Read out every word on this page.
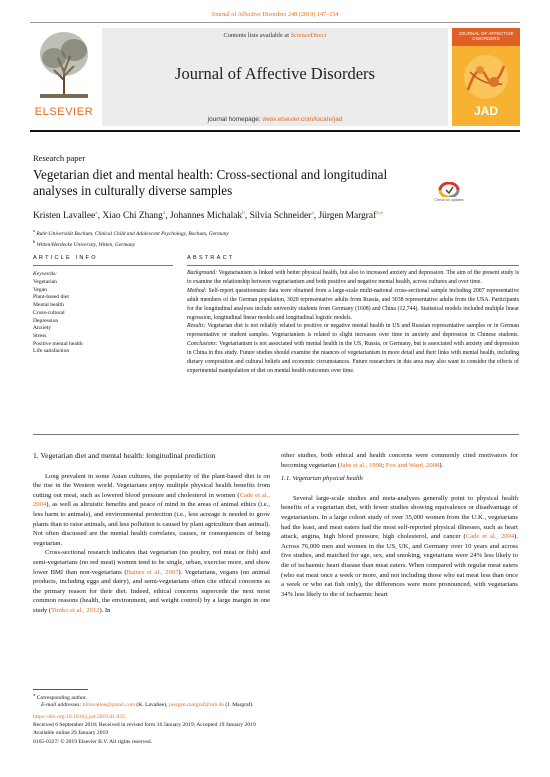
Journal of Affective Disorders 248 (2019) 147–154
ELSEVIER
Contents lists available at ScienceDirect
Journal of Affective Disorders
journal homepage: www.elsevier.com/locate/jad
JOURNAL OF AFFECTIVE DISORDERS
JAD
Research paper
Vegetarian diet and mental health: Cross-sectional and longitudinal analyses in culturally diverse samples
Check for updates
Kristen Lavallee$^a$, Xiao Chi Zhang$^a$, Johannes Michalak$^b$, Silvia Schneider$^a$, Jürgen Margraf$^{a,⁎}$
$^a$ Ruhr-Universität Bochum, Clinical Child and Adolescent Psychology, Bochum, Germany
$^b$ Witten/Herdecke University, Witten, Germany
ARTICLE INFO	ABSTRACT
Keywords:
Vegetarian
Vegan
Plant-based diet
Mental health
Cross-cultural
Depression
Anxiety
Stress
Positive mental health
Life satisfaction

Background: Vegetarianism is linked with better physical health, but also to increased anxiety and depression. The aim of the present study is to examine the relationship between vegetarianism and both positive and negative mental health, across cultures and over time.

Method: Self-report questionnaire data were obtained from a large-scale multi-national cross-sectional sample including 2007 representative adult members of the German population, 3020 representative adults from Russia, and 3038 representative adults from the USA. Participants for the longitudinal analyses include university students from Germany (1608) and China (12,744). Statistical models included multiple linear regression, longitudinal linear models and longitudinal logistic models.

Results: Vegetarian diet is not reliably related to positive or negative mental health in US and Russian representative samples or in German representative or student samples. Vegetarianism is related to slight increases over time in anxiety and depression in Chinese students. Conclusions: Vegetarianism is not associated with mental health in the US, Russia, or Germany, but is associated with anxiety and depression in China in this study. Future studies should examine the nuances of vegetarianism in more detail and their links with mental health, including dietary composition and cultural beliefs and economic circumstances. Future researchers in this area may also want to consider the effects of experimental manipulation of diet on mental health outcomes over time.

1. Vegetarian diet and mental health: longitudinal prediction

Long prevalent in some Asian cultures, the popularity of the plant-based diet is on the rise in the Western world. Vegetarians enjoy multiple physical health benefits from cutting out meat, such as lowered blood pressure and cholesterol in women (Cade et al., 2004), as well as altruistic benefits and peace of mind in the areas of animal ethics (i.e., less harm to animals), and environmental protection (i.e., less acreage is needed to grow plants than to raise animals, and less pollution is caused by plant agriculture than animal). Not often discussed are the mental health correlates, causes, or consequences of being vegetarian.

Cross-sectional research indicates that vegetarian (no poultry, red meat or fish) and semi-vegetarians (no red meat) women tend to be single, urban, exercise more, and show lower BMI than non-vegetarians (Baines et al., 2007). Vegetarians, vegans (no animal products, including eggs and dairy), and semi-vegetarians often cite ethical concerns as the primary reason for their diet. Indeed, ethical concerns supercede the next most common reasons (health, the environment, and weight control) by a large margin in one study (Timko et al., 2012). In

other studies, both ethical and health concerns were commonly cited motivators for becoming vegetarian (Jabs et al., 1998; Fox and Ward, 2008).

1.1. Vegetarian physical health

Several large-scale studies and meta-analyses generally point to physical health benefits of a vegetarian diet, with fewer studies showing equivalence or disadvantage of vegetarianism. In a large cohort study of over 35,000 women from the U.K., vegetarians had the least, and meat eaters had the most self-reported physical illnesses, such as heart attack, angina, high blood pressure, high cholesterol, and cancer (Cade et al., 2004). Across 76,000 men and women in the US, UK, and Germany over 10 years and across five studies, and matched for age, sex, and smoking, vegetarians were 24% less likely to die of ischaemic heart disease than meat eaters. When compared with regular meat eaters (who eat meat once a week or more, and not including those who eat meat less than once a week or who eat fish only), the differences were more pronounced, with vegetarians 34% less likely to die of ischaemic heart

⁎ Corresponding author.
E-mail addresses: klilavallee@gmail.com (K. Lavallee), juergen.margraf@rub.de (J. Margraf).
https://doi.org/10.1016/j.jad.2019.01.035
Received 6 September 2018; Received in revised form 16 January 2019; Accepted 19 January 2019
Available online 29 January 2019
0165-0327/ © 2019 Elsevier B.V. All rights reserved.
